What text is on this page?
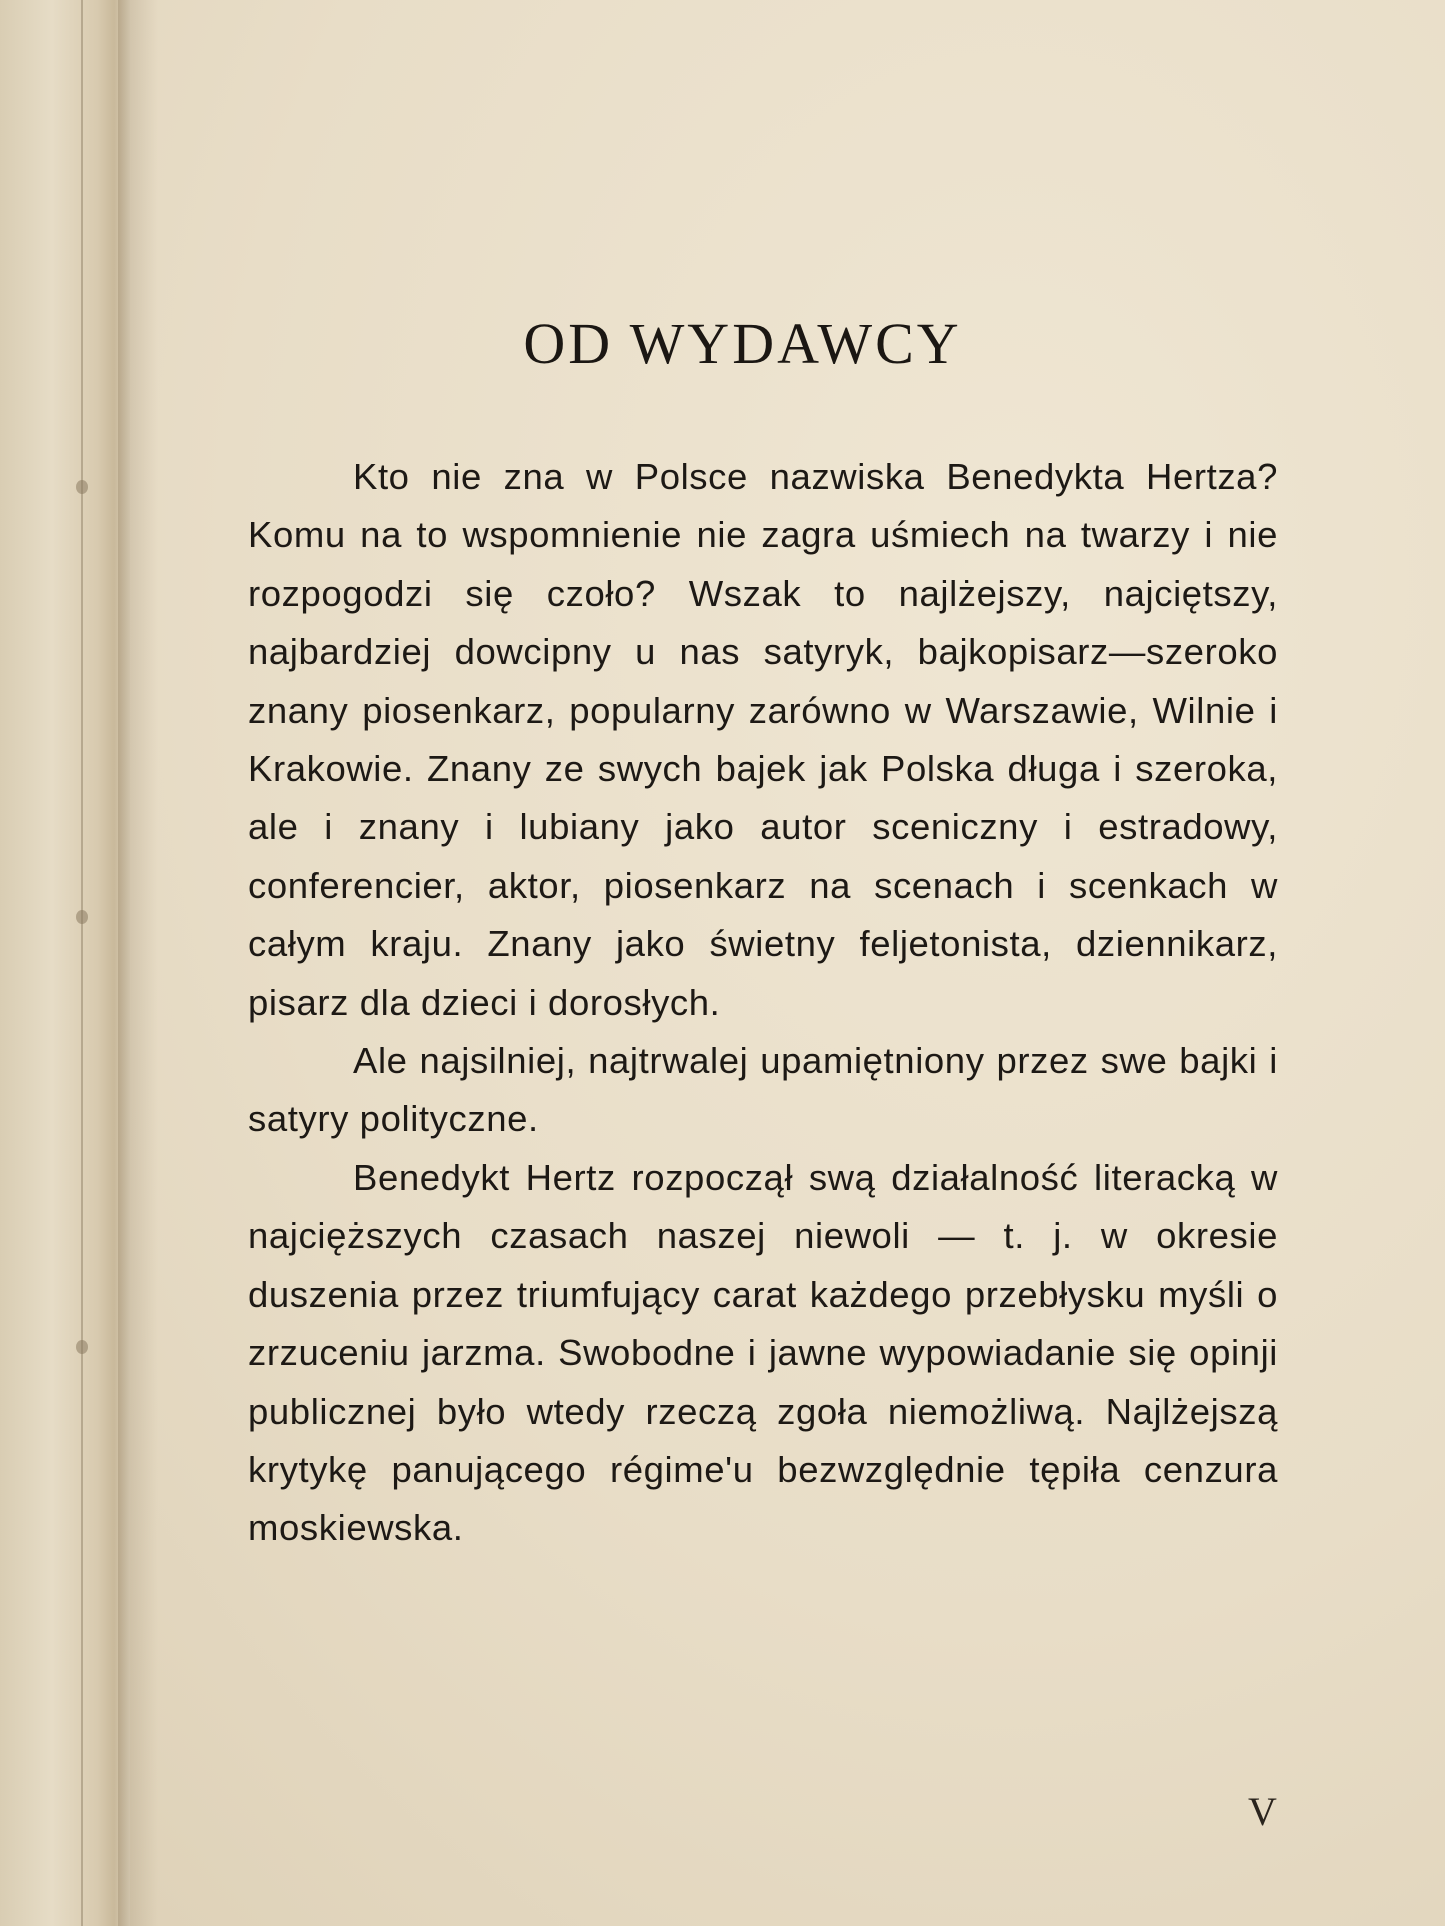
OD WYDAWCY

Kto nie zna w Polsce nazwiska Benedykta Hertza? Komu na to wspomnienie nie zagra uśmiech na twarzy i nie rozpogodzi się czoło? Wszak to najlżejszy, najciętszy, najbardziej dowcipny u nas satyryk, bajkopisarz—szeroko znany piosenkarz, popularny zarówno w Warszawie, Wilnie i Krakowie. Znany ze swych bajek jak Polska długa i szeroka, ale i znany i lubiany jako autor sceniczny i estradowy, conferencier, aktor, piosenkarz na scenach i scenkach w całym kraju. Znany jako świetny feljetonista, dziennikarz, pisarz dla dzieci i dorosłych.

Ale najsilniej, najtrwalej upamiętniony przez swe bajki i satyry polityczne.

Benedykt Hertz rozpoczął swą działalność literacką w najcięższych czasach naszej niewoli — t. j. w okresie duszenia przez triumfujący carat każdego przebłysku myśli o zrzuceniu jarzma. Swobodne i jawne wypowiadanie się opinji publicznej było wtedy rzeczą zgoła niemożliwą. Najlżejszą krytykę panującego régime'u bezwzględnie tępiła cenzura moskiewska.

V
